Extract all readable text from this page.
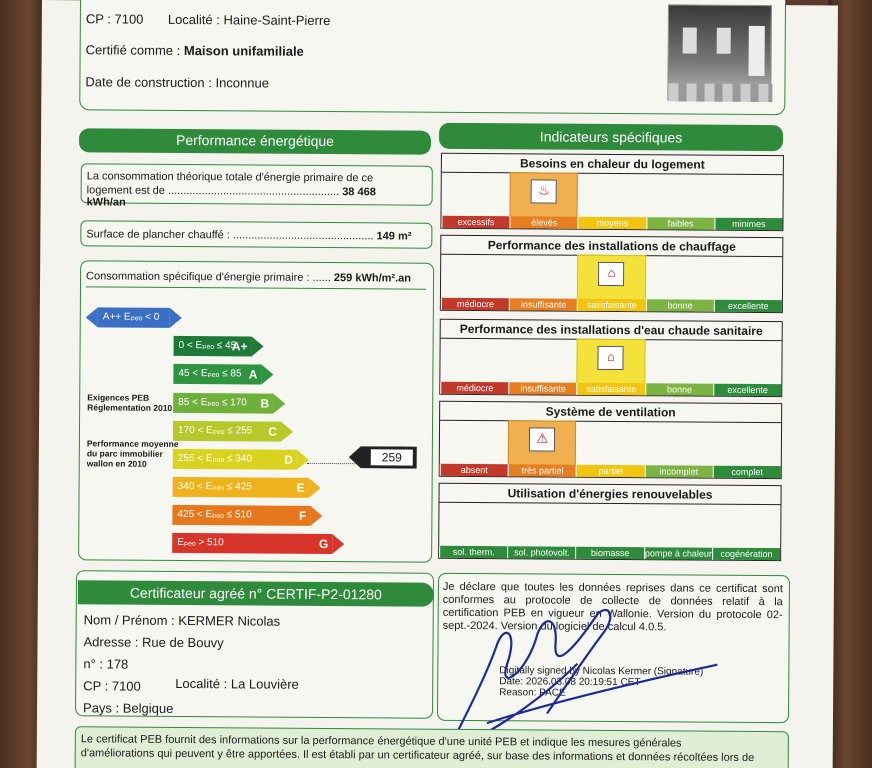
CP : 7100 Localité : Haine-Saint-Pierre
Certifié comme : Maison unifamiliale
Date de construction : Inconnue
Performance énergétique
La consommation théorique totale d'énergie primaire de ce
logement est de ........................................................ 38 468 kWh/an
Surface de plancher chauffé : .............................................. 149 m²
Consommation spécifique d'énergie primaire : ...... 259 kWh/m².an
A++ Eₚₑₒ < 0
0 < Eₚₑₒ ≤ 45
A+
45 < Eₚₑₒ ≤ 85 A
85 < Eₚₑₒ ≤ 170 B
170 < Eₚₑₒ ≤ 255 C
255 < Eₚₑₒ ≤ 340	D
340 < Eₚₑₒ ≤ 425	E
425 < Eₚₑₒ ≤ 510	F
Eₚₑₒ > 510	G
Exigences PEB
Réglementation 2010
Performance moyenne
du parc immobilier
wallon en 2010	259
Indicateurs spécifiques
Besoins en chaleur du logement
♨
excessifs	élevés	moyens	faibles	minimes
Performance des installations de chauffage
⌂
médiocre	insuffisante	satisfaisante	bonne	excellente
Performance des installations d'eau chaude sanitaire
⌂
médiocre	insuffisante	satisfaisante	bonne	excellente
Système de ventilation
⚠
absent	très partiel	partiel	incomplet	complet
Utilisation d'énergies renouvelables
sol. therm.	sol. photovolt.	biomasse	pompe à chaleur cogénération
Certificateur agréé n° CERTIF-P2-01280
Nom / Prénom : KERMER Nicolas
Adresse : Rue de Bouvy
n° : 178
CP : 7100	Localité : La Louvière
Pays : Belgique
Je déclare que toutes les données reprises dans ce certificat sont conformes au protocole de collecte de données relatif à la certification PEB en vigueur en Wallonie. Version du protocole 02-sept.-2024. Version du logiciel de calcul 4.0.5.
Digitally signed by Nicolas Kermer (Signature)
Date: 2026.03.08 20:19:51 CET
Reason: PACE
Le certificat PEB fournit des informations sur la performance énergétique d'une unité PEB et indique les mesures générales
d'améliorations qui peuvent y être apportées. Il est établi par un certificateur agréé, sur base des informations et données récoltées lors de
